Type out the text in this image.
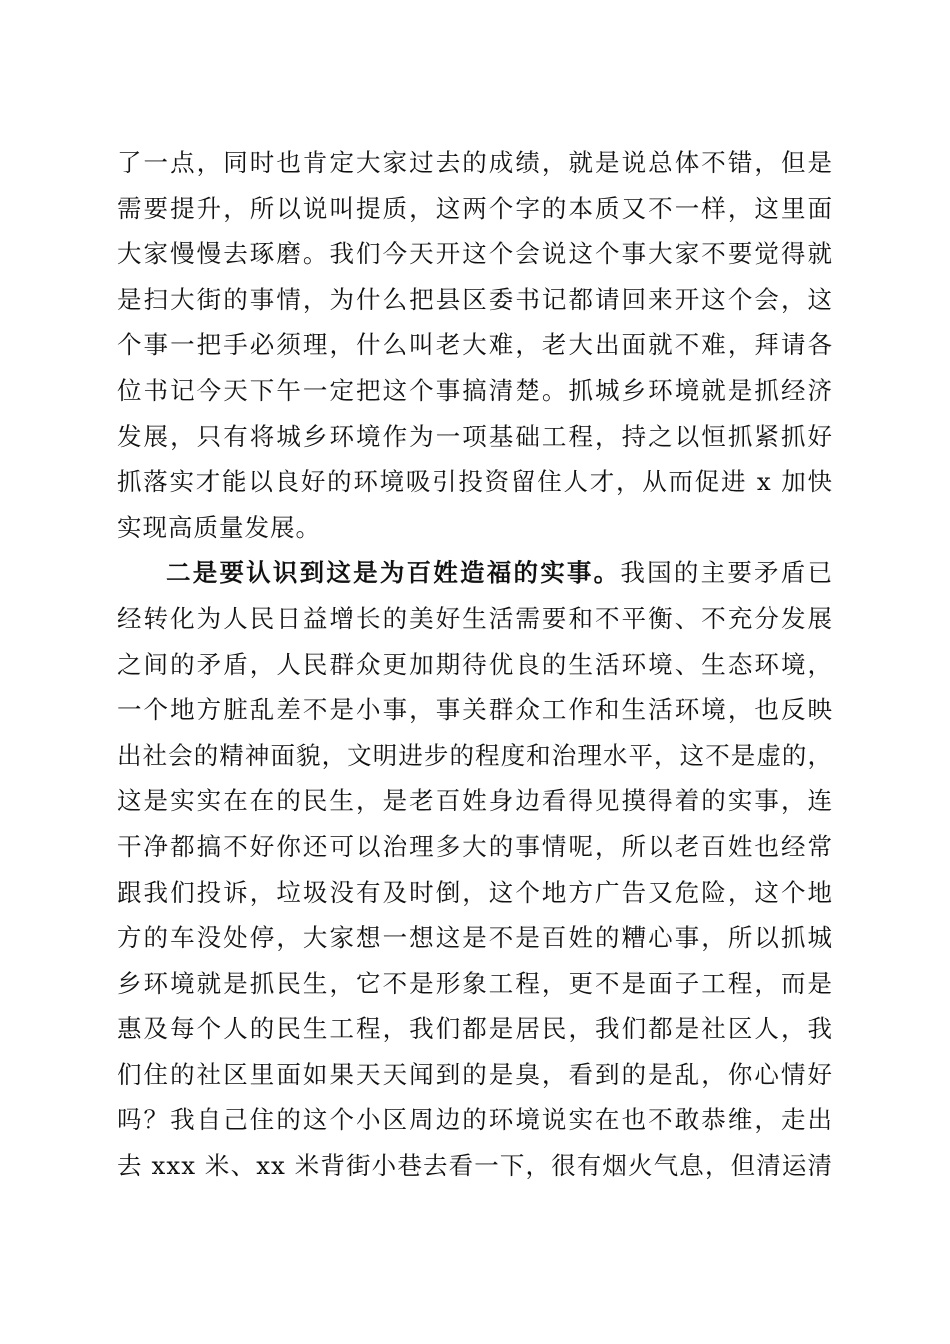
了一点，同时也肯定大家过去的成绩，就是说总体不错，但是
需要提升，所以说叫提质，这两个字的本质又不一样，这里面
大家慢慢去琢磨。我们今天开这个会说这个事大家不要觉得就
是扫大街的事情，为什么把县区委书记都请回来开这个会，这
个事一把手必须理，什么叫老大难，老大出面就不难，拜请各
位书记今天下午一定把这个事搞清楚。抓城乡环境就是抓经济
发展，只有将城乡环境作为一项基础工程，持之以恒抓紧抓好
抓落实才能以良好的环境吸引投资留住人才，从而促进 x 加快
实现高质量发展。
二是要认识到这是为百姓造福的实事。我国的主要矛盾已
经转化为人民日益增长的美好生活需要和不平衡、不充分发展
之间的矛盾，人民群众更加期待优良的生活环境、生态环境，
一个地方脏乱差不是小事，事关群众工作和生活环境，也反映
出社会的精神面貌，文明进步的程度和治理水平，这不是虚的，
这是实实在在的民生，是老百姓身边看得见摸得着的实事，连
干净都搞不好你还可以治理多大的事情呢，所以老百姓也经常
跟我们投诉，垃圾没有及时倒，这个地方广告又危险，这个地
方的车没处停，大家想一想这是不是百姓的糟心事，所以抓城
乡环境就是抓民生，它不是形象工程，更不是面子工程，而是
惠及每个人的民生工程，我们都是居民，我们都是社区人，我
们住的社区里面如果天天闻到的是臭，看到的是乱，你心情好
吗？我自己住的这个小区周边的环境说实在也不敢恭维，走出
去 xxx 米、xx 米背街小巷去看一下，很有烟火气息，但清运清
